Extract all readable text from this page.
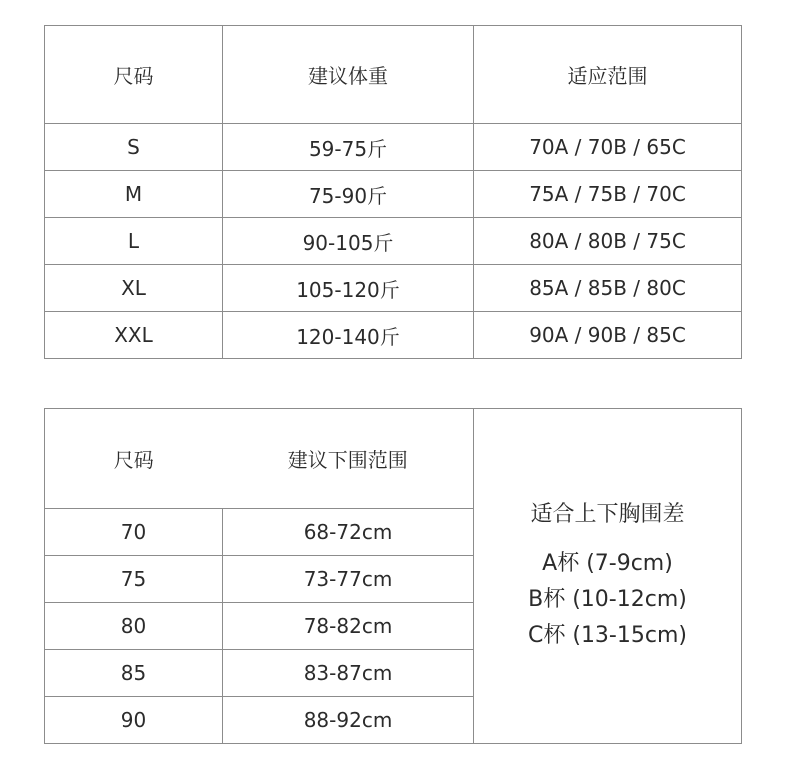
尺码	建议体重	适应范围
S	59-75斤	70A / 70B / 65C
M	75-90斤	75A / 75B / 70C
L	90-105斤	80A / 80B / 75C
XL	105-120斤	85A / 85B / 80C
XXL	120-140斤	90A / 90B / 85C
尺码	建议下围范围	适合上下胸围差
A杯 (7-9cm)
B杯 (10-12cm)
C杯 (13-15cm)

70	68-72cm	
75	73-77cm	
80	78-82cm	
85	83-87cm	
90	88-92cm	
